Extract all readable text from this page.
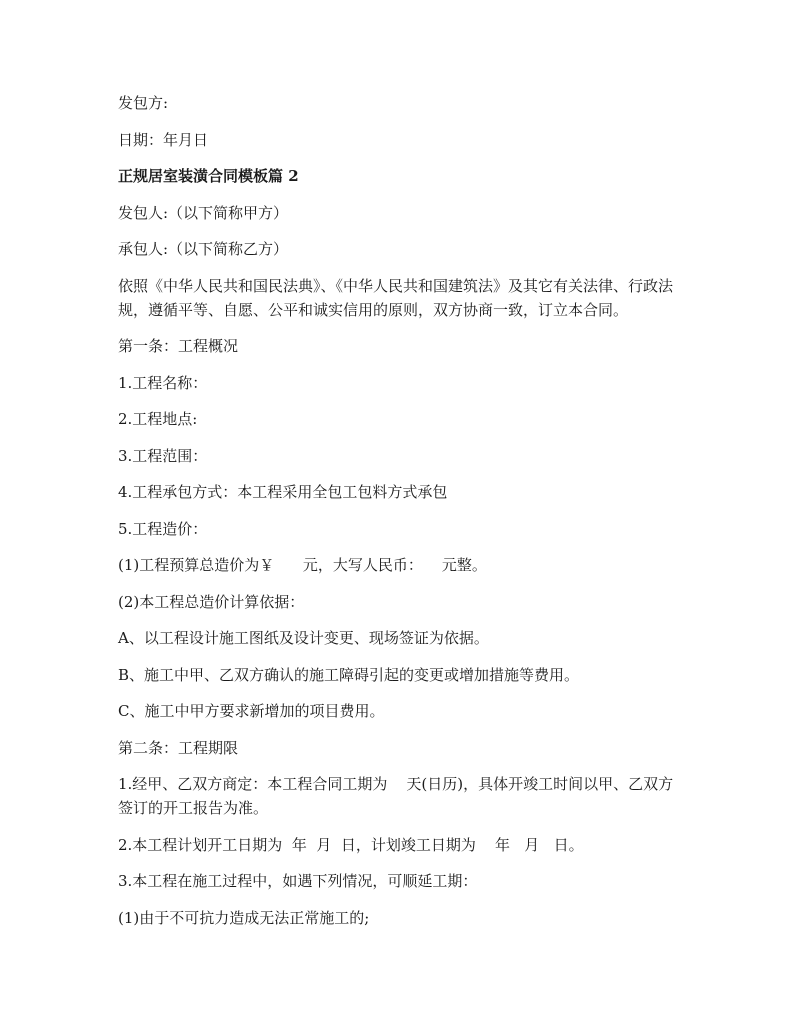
发包方:

日期：年月日

正规居室装潢合同模板篇 2

发包人:（以下简称甲方）

承包人:（以下简称乙方）

依照《中华人民共和国民法典》、《中华人民共和国建筑法》及其它有关法律、行政法规，遵循平等、自愿、公平和诚实信用的原则，双方协商一致，订立本合同。

第一条：工程概况

1.工程名称：

2.工程地点:

3.工程范围：

4.工程承包方式：本工程采用全包工包料方式承包

5.工程造价：

(1)工程预算总造价为￥      元，大写人民币：    元整。

(2)本工程总造价计算依据：

A、以工程设计施工图纸及设计变更、现场签证为依据。

B、施工中甲、乙双方确认的施工障碍引起的变更或增加措施等费用。

C、施工中甲方要求新增加的项目费用。

第二条：工程期限

1.经甲、乙双方商定：本工程合同工期为    天(日历)，具体开竣工时间以甲、乙双方签订的开工报告为准。

2.本工程计划开工日期为  年  月  日，计划竣工日期为    年   月   日。

3.本工程在施工过程中，如遇下列情况，可顺延工期：

(1)由于不可抗力造成无法正常施工的;
